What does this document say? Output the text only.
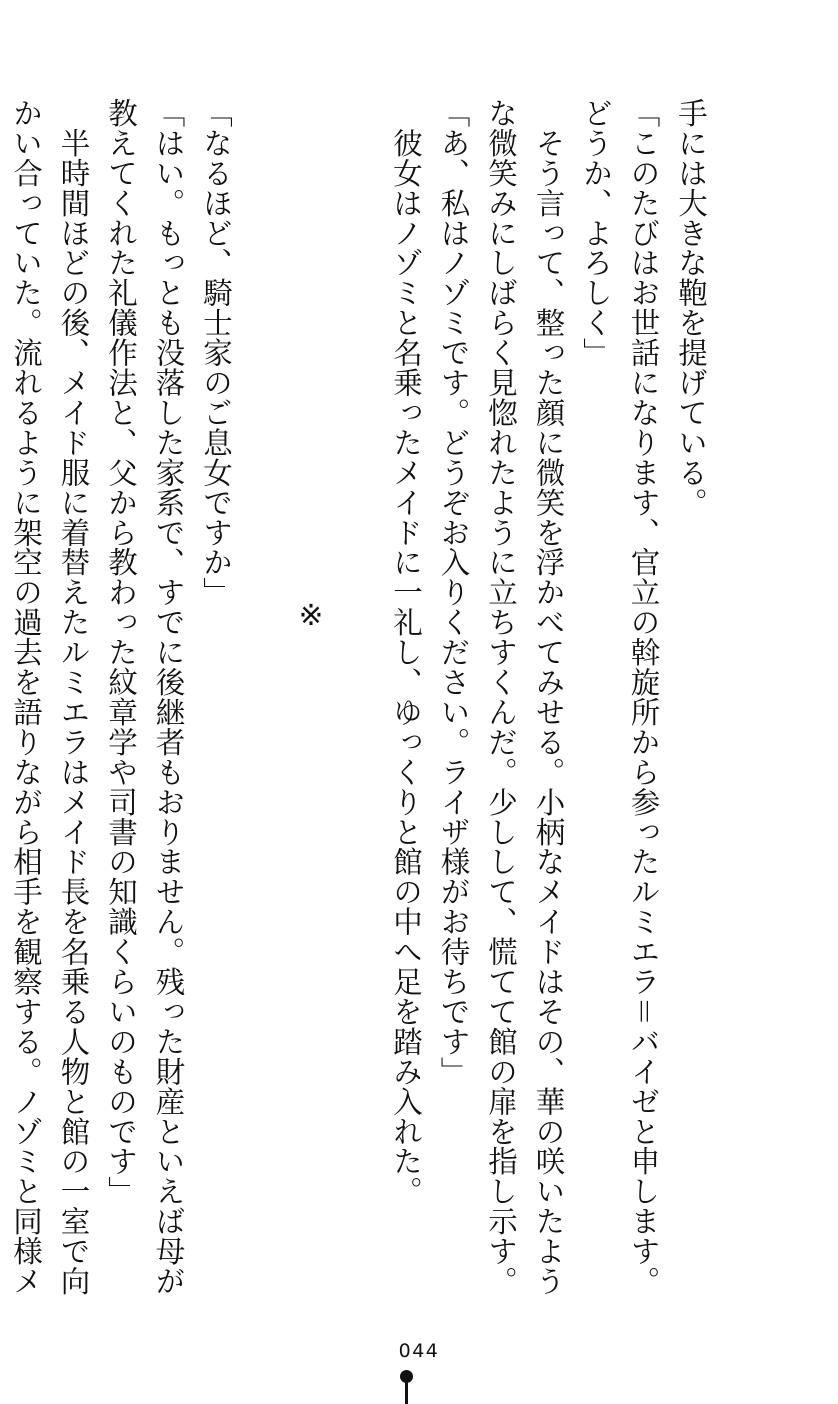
手には大きな鞄を提げている。

「このたびはお世話になります、官立の斡旋所から参ったルミエラ＝バイゼと申します。

どうか、よろしく」

　そう言って、整った顔に微笑を浮かべてみせる。小柄なメイドはその、華の咲いたよう

な微笑みにしばらく見惚れたように立ちすくんだ。少しして、慌てて館の扉を指し示す。

「あ、私はノゾミです。どうぞお入りください。ライザ様がお待ちです」

　彼女はノゾミと名乗ったメイドに一礼し、ゆっくりと館の中へ足を踏み入れた。

※

「なるほど、騎士家のご息女ですか」

「はい。もっとも没落した家系で、すでに後継者もおりません。残った財産といえば母が

教えてくれた礼儀作法と、父から教わった紋章学や司書の知識くらいのものです」

　半時間ほどの後、メイド服に着替えたルミエラはメイド長を名乗る人物と館の一室で向

かい合っていた。流れるように架空の過去を語りながら相手を観察する。ノゾミと同様メ

044
